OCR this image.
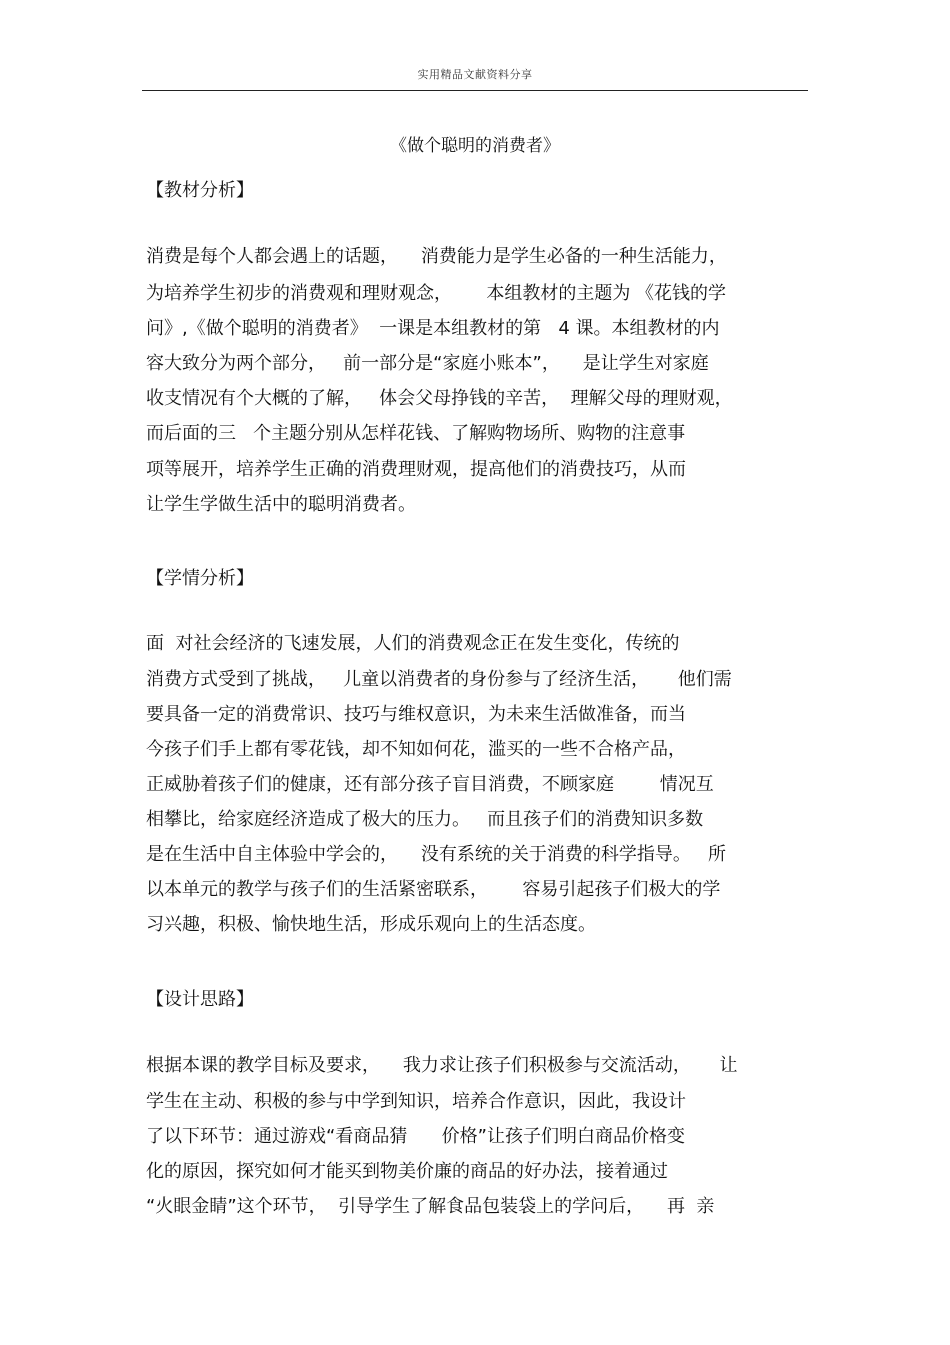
实用精品文献资料分享
《做个聪明的消费者》
【教材分析】
消费是每个人都会遇上的话题，    消费能力是学生必备的一种生活能力，
为培养学生初步的消费观和理财观念，      本组教材的主题为 《花钱的学
问》,《做个聪明的消费者》  一课是本组教材的第   4 课。本组教材的内
容大致分为两个部分，   前一部分是“家庭小账本”，    是让学生对家庭
收支情况有个大概的了解，   体会父母挣钱的辛苦，  理解父母的理财观，
而后面的三   个主题分别从怎样花钱、了解购物场所、购物的注意事
项等展开，培养学生正确的消费理财观，提高他们的消费技巧，从而
让学生学做生活中的聪明消费者。
【学情分析】
面  对社会经济的飞速发展，人们的消费观念正在发生变化，传统的
消费方式受到了挑战，   儿童以消费者的身份参与了经济生活，     他们需
要具备一定的消费常识、技巧与维权意识，为未来生活做准备，而当
今孩子们手上都有零花钱，却不知如何花，滥买的一些不合格产品，
正威胁着孩子们的健康，还有部分孩子盲目消费，不顾家庭        情况互
相攀比，给家庭经济造成了极大的压力。   而且孩子们的消费知识多数
是在生活中自主体验中学会的，    没有系统的关于消费的科学指导。   所
以本单元的教学与孩子们的生活紧密联系，      容易引起孩子们极大的学
习兴趣，积极、愉快地生活，形成乐观向上的生活态度。
【设计思路】
根据本课的教学目标及要求，    我力求让孩子们积极参与交流活动，     让
学生在主动、积极的参与中学到知识，培养合作意识，因此，我设计
了以下环节：通过游戏“看商品猜      价格”让孩子们明白商品价格变
化的原因，探究如何才能买到物美价廉的商品的好办法，接着通过
“火眼金睛”这个环节，  引导学生了解食品包装袋上的学问后，    再  亲
